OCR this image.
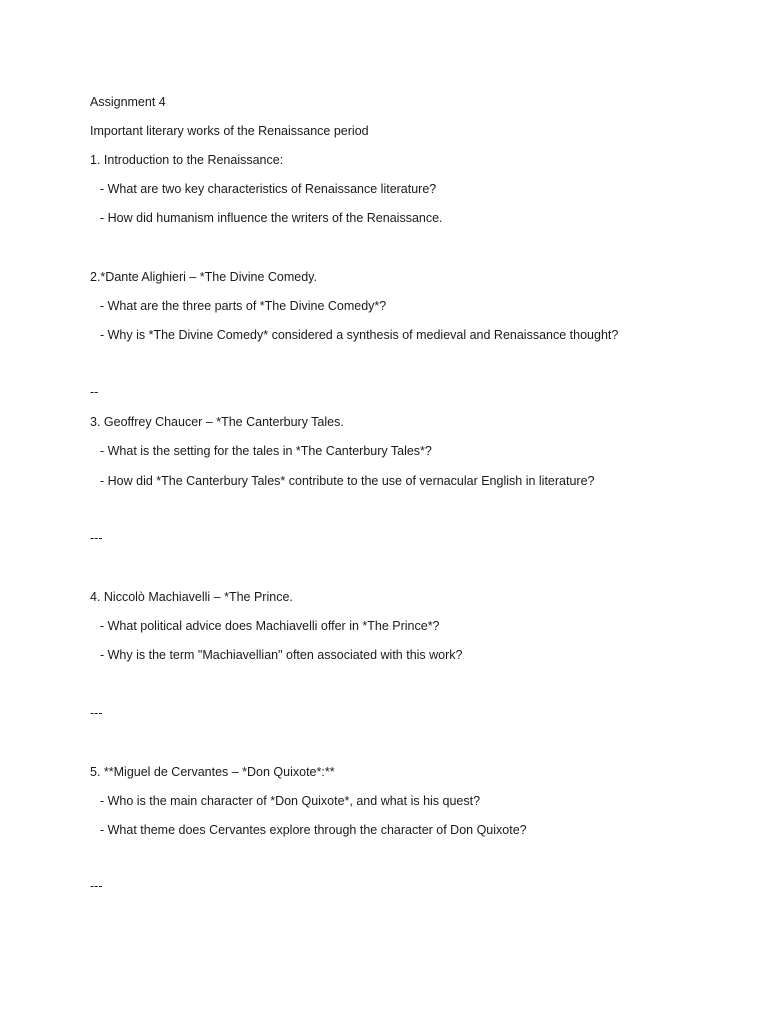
Assignment 4
Important literary works of the Renaissance period
1. Introduction to the Renaissance:
- What are two key characteristics of Renaissance literature?
- How did humanism influence the writers of the Renaissance.
2.*Dante Alighieri – *The Divine Comedy.
- What are the three parts of *The Divine Comedy*?
- Why is *The Divine Comedy* considered a synthesis of medieval and Renaissance thought?
--
3. Geoffrey Chaucer – *The Canterbury Tales.
- What is the setting for the tales in *The Canterbury Tales*?
- How did *The Canterbury Tales* contribute to the use of vernacular English in literature?
---
4. Niccolò Machiavelli – *The Prince.
- What political advice does Machiavelli offer in *The Prince*?
- Why is the term "Machiavellian" often associated with this work?
---
5. **Miguel de Cervantes – *Don Quixote*:**
- Who is the main character of *Don Quixote*, and what is his quest?
- What theme does Cervantes explore through the character of Don Quixote?
---
